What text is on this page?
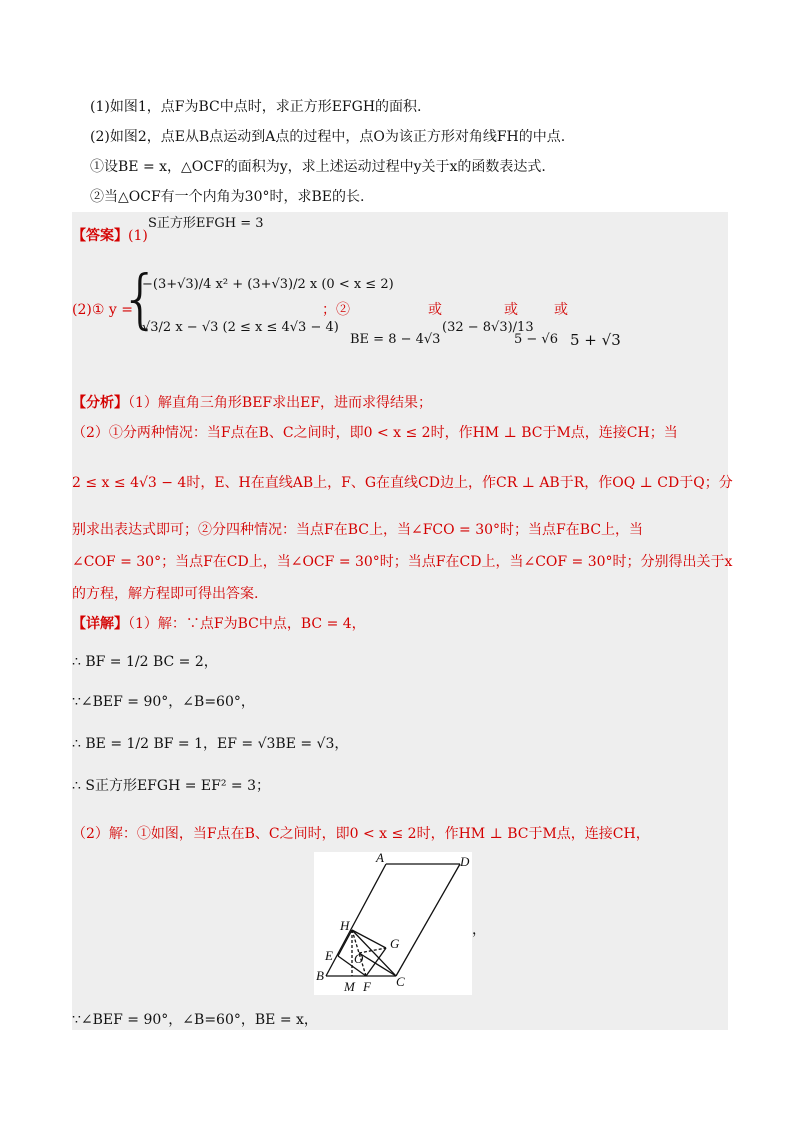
(1)如图1，点F为BC中点时，求正方形EFGH的面积.
(2)如图2，点E从B点运动到A点的过程中，点O为该正方形对角线FH的中点.
①设BE = x，△OCF的面积为y，求上述运动过程中y关于x的函数表达式.
②当△OCF有一个内角为30°时，求BE的长.
【答案】(1)
S正方形EFGH = 3
(2)① y =
{
−(3+√3)/4 x² + (3+√3)/2 x (0 < x ≤ 2)
√3/2 x − √3 (2 ≤ x ≤ 4√3 − 4)
；②	或	或	或
BE = 8 − 4√3
(32 − 8√3)/13
5 − √6 5 + √3
【分析】（1）解直角三角形BEF求出EF，进而求得结果；
（2）①分两种情况：当F点在B、C之间时，即0 < x ≤ 2时，作HM ⊥ BC于M点，连接CH；当
2 ≤ x ≤ 4√3 − 4时，E、H在直线AB上，F、G在直线CD边上，作CR ⊥ AB于R，作OQ ⊥ CD于Q；分
别求出表达式即可；②分四种情况：当点F在BC上，当∠FCO = 30°时；当点F在BC上，当
∠COF = 30°；当点F在CD上，当∠OCF = 30°时；当点F在CD上，当∠COF = 30°时；分别得出关于x
的方程，解方程即可得出答案.
【详解】（1）解：∵点F为BC中点，BC = 4，
∴ BF = 1/2 BC = 2，
∵∠BEF = 90°，∠B=60°，
∴ BE = 1/2 BF = 1，EF = √3BE = √3，
∴ S正方形EFGH = EF² = 3；
（2）解：①如图，当F点在B、C之间时，即0 < x ≤ 2时，作HM ⊥ BC于M点，连接CH，
A	D
H
G
E O
B
M F C
，
∵∠BEF = 90°，∠B=60°，BE = x，
